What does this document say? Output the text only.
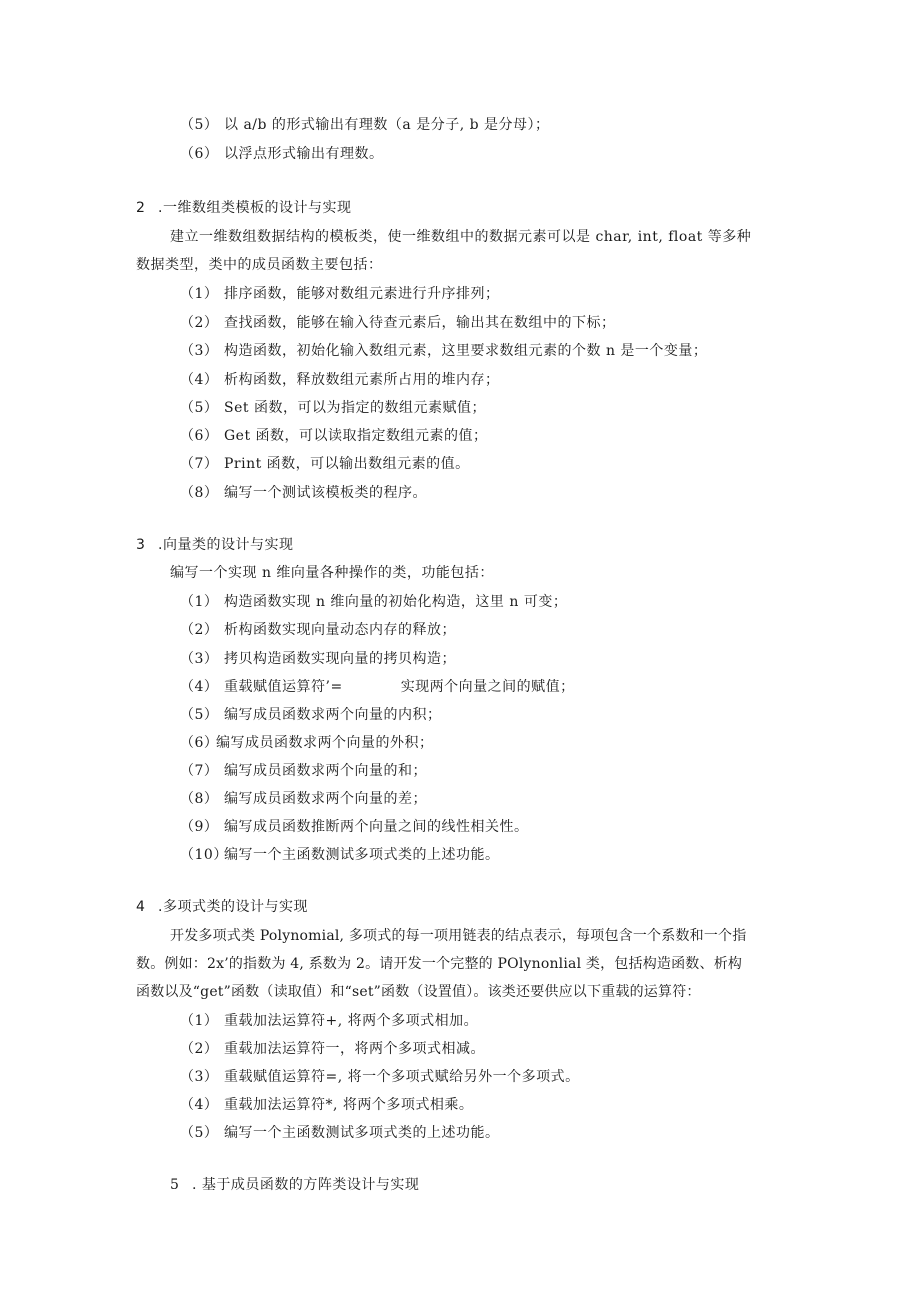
（5） 以 a/b 的形式输出有理数（a 是分子, b 是分母）；
（6） 以浮点形式输出有理数。
2 .一维数组类模板的设计与实现
建立一维数组数据结构的模板类，使一维数组中的数据元素可以是 char, int, float 等多种
数据类型，类中的成员函数主要包括：
（1） 排序函数，能够对数组元素进行升序排列；
（2） 查找函数，能够在输入待查元素后，输出其在数组中的下标；
（3） 构造函数，初始化输入数组元素，这里要求数组元素的个数 n 是一个变量；
（4） 析构函数，释放数组元素所占用的堆内存；
（5） Set 函数，可以为指定的数组元素赋值；
（6） Get 函数，可以读取指定数组元素的值；
（7） Print 函数，可以输出数组元素的值。
（8） 编写一个测试该模板类的程序。
3 .向量类的设计与实现
编写一个实现 n 维向量各种操作的类，功能包括：
（1） 构造函数实现 n 维向量的初始化构造，这里 n 可变；
（2） 析构函数实现向量动态内存的释放；
（3） 拷贝构造函数实现向量的拷贝构造；
（4） 重载赋值运算符’=	实现两个向量之间的赋值；
（5） 编写成员函数求两个向量的内积；
（6）编写成员函数求两个向量的外积；
（7） 编写成员函数求两个向量的和；
（8） 编写成员函数求两个向量的差；
（9） 编写成员函数推断两个向量之间的线性相关性。
（10）编写一个主函数测试多项式类的上述功能。
4 .多项式类的设计与实现
开发多项式类 Polynomial, 多项式的每一项用链表的结点表示，每项包含一个系数和一个指
数。例如：2x’的指数为 4, 系数为 2。请开发一个完整的 POlynonlial 类，包括构造函数、析构
函数以及“get”函数（读取值）和“set”函数（设置值）。该类还要供应以下重载的运算符：
（1） 重载加法运算符+, 将两个多项式相加。
（2） 重载加法运算符一，将两个多项式相减。
（3） 重载赋值运算符=, 将一个多项式赋给另外一个多项式。
（4） 重载加法运算符*, 将两个多项式相乘。
（5） 编写一个主函数测试多项式类的上述功能。
5 . 基于成员函数的方阵类设计与实现
